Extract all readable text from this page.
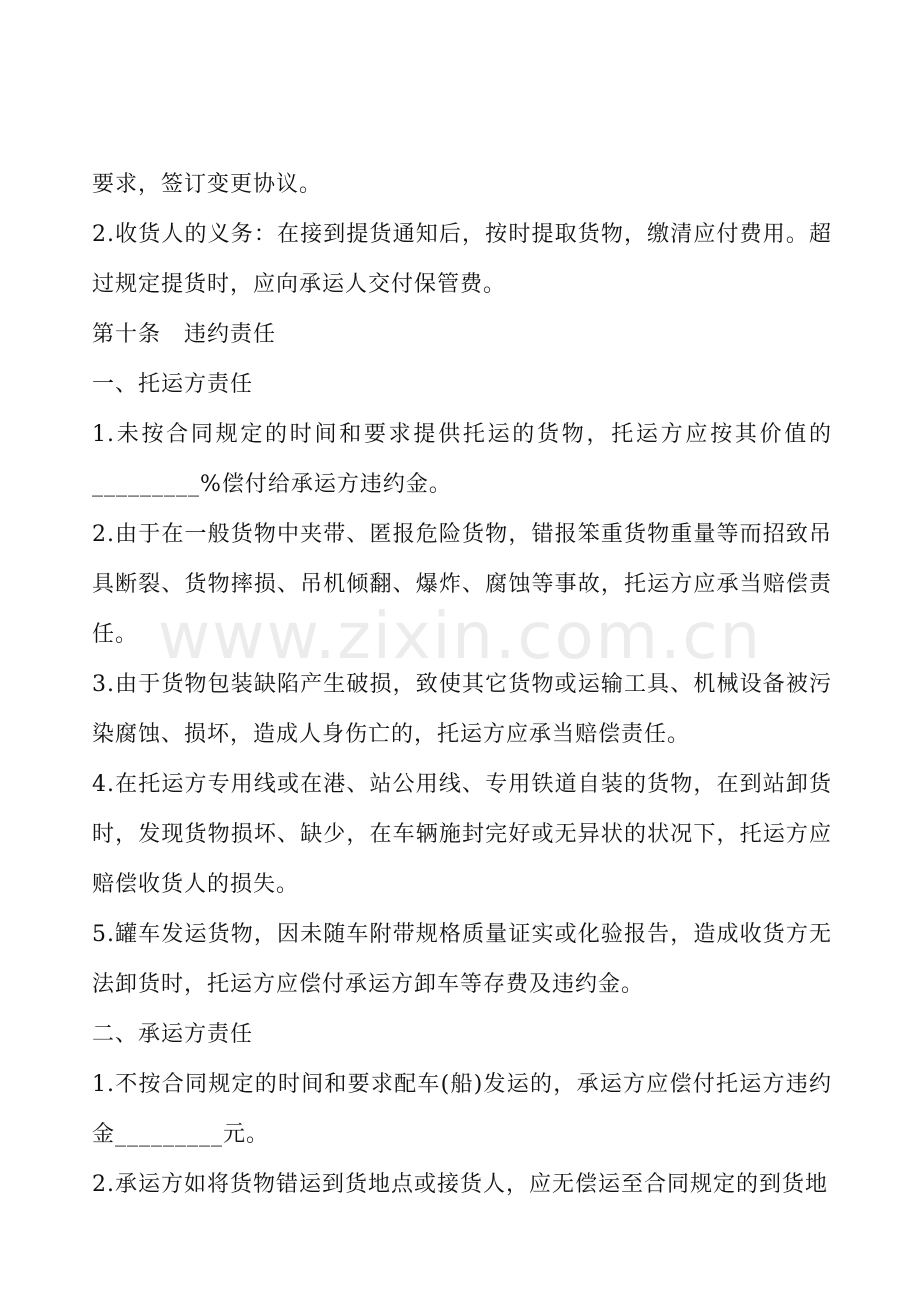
要求，签订变更协议。

2.收货人的义务：在接到提货通知后，按时提取货物，缴清应付费用。超过规定提货时，应向承运人交付保管费。

第十条　违约责任

一、托运方责任

1.未按合同规定的时间和要求提供托运的货物，托运方应按其价值的_________%偿付给承运方违约金。

2.由于在一般货物中夹带、匿报危险货物，错报笨重货物重量等而招致吊具断裂、货物摔损、吊机倾翻、爆炸、腐蚀等事故，托运方应承当赔偿责任。

3.由于货物包装缺陷产生破损，致使其它货物或运输工具、机械设备被污染腐蚀、损坏，造成人身伤亡的，托运方应承当赔偿责任。

4.在托运方专用线或在港、站公用线、专用铁道自装的货物，在到站卸货时，发现货物损坏、缺少，在车辆施封完好或无异状的状况下，托运方应赔偿收货人的损失。

5.罐车发运货物，因未随车附带规格质量证实或化验报告，造成收货方无法卸货时，托运方应偿付承运方卸车等存费及违约金。

二、承运方责任

1.不按合同规定的时间和要求配车(船)发运的，承运方应偿付托运方违约金_________元。

2.承运方如将货物错运到货地点或接货人，应无偿运至合同规定的到货地

www.zixin.com.cn
